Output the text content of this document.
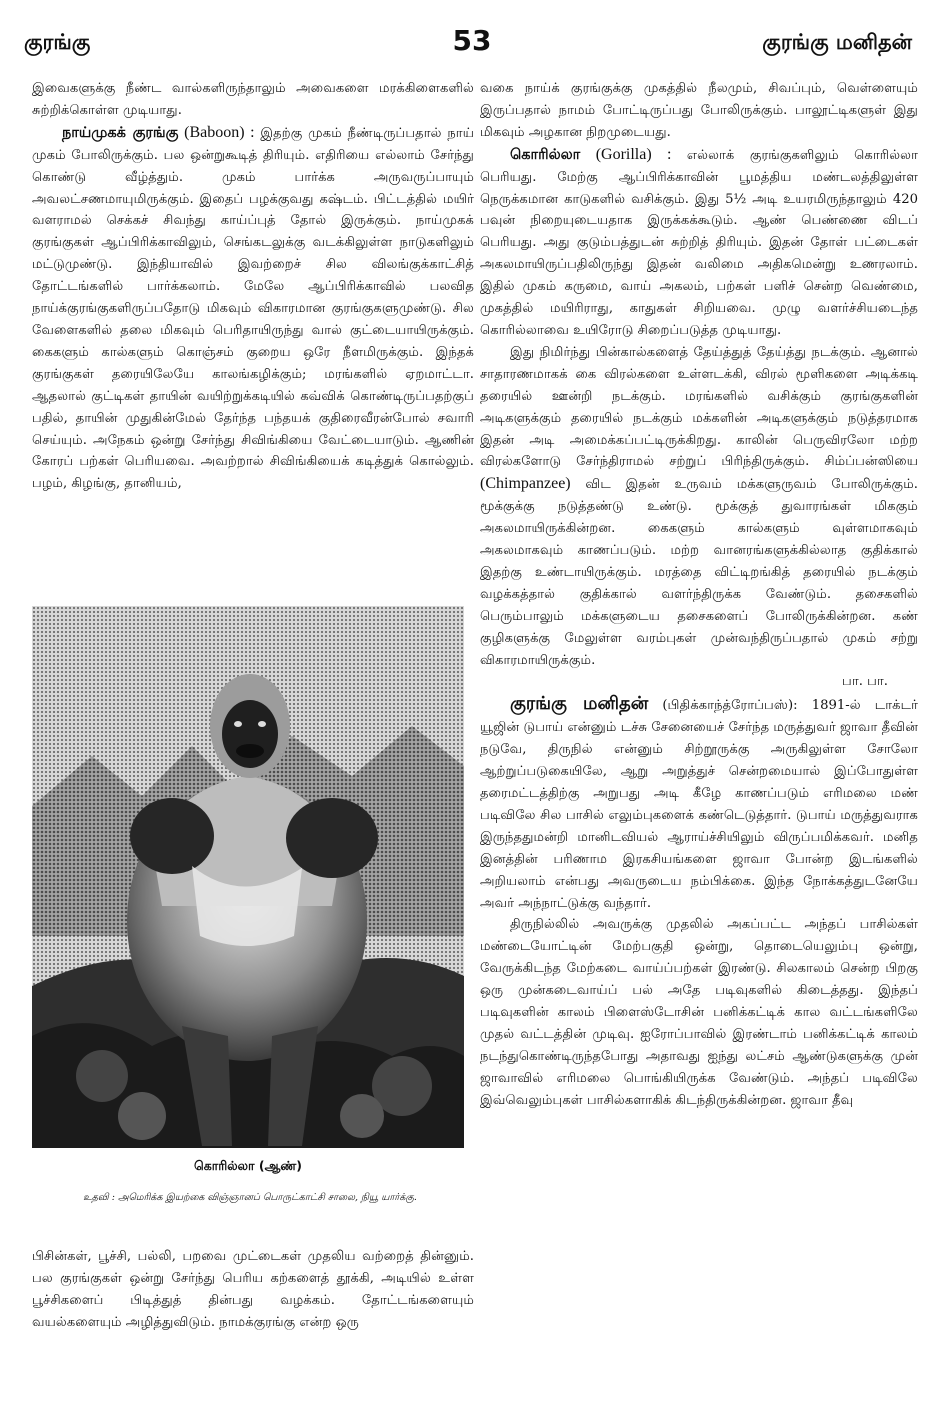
குரங்கு	53	குரங்கு மனிதன்

இவைகளுக்கு நீண்ட வால்களிருந்தாலும் அவைகளை மரக்கிளைகளில் சுற்றிக்கொள்ள முடியாது.

நாய்முகக் குரங்கு (Baboon) : இதற்கு முகம் நீண்டிருப்பதால் நாய் முகம் போலிருக்கும். பல ஒன்றுகூடித் திரியும். எதிரியை எல்லாம் சேர்ந்து கொண்டு வீழ்த்தும். முகம் பார்க்க அருவருப்பாயும் அவலட்சணமாயுமிருக்கும். இதைப் பழக்குவது கஷ்டம். பிட்டத்தில் மயிர் வளராமல் செக்கச் சிவந்து காய்ப்புத் தோல் இருக்கும். நாய்முகக் குரங்குகள் ஆப்பிரிக்காவிலும், செங்கடலுக்கு வடக்கிலுள்ள நாடுகளிலும் மட்டுமுண்டு. இந்தியாவில் இவற்றைச் சில விலங்குக்காட்சித் தோட்டங்களில் பார்க்கலாம். மேலே ஆப்பிரிக்காவில் பலவித நாய்க்குரங்குகளிருப்பதோடு மிகவும் விகாரமான குரங்குகளுமுண்டு. சில வேளைகளில் தலை மிகவும் பெரிதாயிருந்து வால் குட்டையாயிருக்கும். கைகளும் கால்களும் கொஞ்சம் குறைய ஒரே நீளமிருக்கும். இந்தக் குரங்குகள் தரையிலேயே காலங்கழிக்கும்; மரங்களில் ஏறமாட்டா. ஆதலால் குட்டிகள் தாயின் வயிற்றுக்கடியில் கவ்விக் கொண்டிருப்பதற்குப் பதில், தாயின் முதுகின்மேல் தேர்ந்த பந்தயக் குதிரைவீரன்போல் சவாரி செய்யும். அநேகம் ஒன்று சேர்ந்து சிவிங்கியை வேட்டையாடும். ஆணின் கோரப் பற்கள் பெரியவை. அவற்றால் சிவிங்கியைக் கடித்துக் கொல்லும். பழம், கிழங்கு, தானியம்,

கொரில்லா (ஆண்)
உதவி : அமெரிக்க இயற்கை விஞ்ஞானப் பொருட்காட்சி சாலை, நியூ யார்க்கு.

பிசின்கள், பூச்சி, பல்லி, பறவை முட்டைகள் முதலிய வற்றைத் தின்னும். பல குரங்குகள் ஒன்று சேர்ந்து பெரிய கற்களைத் தூக்கி, அடியில் உள்ள பூச்சிகளைப் பிடித்துத் தின்பது வழக்கம். தோட்டங்களையும் வயல்களையும் அழித்துவிடும். நாமக்குரங்கு என்ற ஒரு

வகை நாய்க் குரங்குக்கு முகத்தில் நீலமும், சிவப்பும், வெள்ளையும் இருப்பதால் நாமம் போட்டிருப்பது போலிருக்கும். பாலூட்டிகளுள் இது மிகவும் அழகான நிறமுடையது.

கொரில்லா (Gorilla) : எல்லாக் குரங்குகளிலும் கொரில்லா பெரியது. மேற்கு ஆப்பிரிக்காவின் பூமத்திய மண்டலத்திலுள்ள நெருக்கமான காடுகளில் வசிக்கும். இது 5½ அடி உயரமிருந்தாலும் 420 பவுன் நிறையுடையதாக இருக்கக்கூடும். ஆண் பெண்ணை விடப் பெரியது. அது குடும்பத்துடன் சுற்றித் திரியும். இதன் தோள் பட்டைகள் அகலமாயிருப்பதிலிருந்து இதன் வலிமை அதிகமென்று உணரலாம். இதில் முகம் கருமை, வாய் அகலம், பற்கள் பளிச் சென்ற வெண்மை, முகத்தில் மயிரிராது, காதுகள் சிறியவை. முழு வளர்ச்சியடைந்த கொரில்லாவை உயிரோடு சிறைப்படுத்த முடியாது.

இது நிமிர்ந்து பின்கால்களைத் தேய்த்துத் தேய்த்து நடக்கும். ஆனால் சாதாரணமாகக் கை விரல்களை உள்ளடக்கி, விரல் மூளிகளை அடிக்கடி தரையில் ஊன்றி நடக்கும். மரங்களில் வசிக்கும் குரங்குகளின் அடிகளுக்கும் தரையில் நடக்கும் மக்களின் அடிகளுக்கும் நடுத்தரமாக இதன் அடி அமைக்கப்பட்டிருக்கிறது. காலின் பெருவிரலோ மற்ற விரல்களோடு சேர்ந்திராமல் சற்றுப் பிரிந்திருக்கும். சிம்ப்பன்ஸியை (Chimpanzee) விட இதன் உருவம் மக்களுருவம் போலிருக்கும். மூக்குக்கு நடுத்தண்டு உண்டு. மூக்குத் துவாரங்கள் மிககும் அகலமாயிருக்கின்றன. கைகளும் கால்களும் வுள்ளமாகவும் அகலமாகவும் காணப்படும். மற்ற வானரங்களுக்கில்லாத குதிக்கால் இதற்கு உண்டாயிருக்கும். மரத்தை விட்டிறங்கித் தரையில் நடக்கும் வழக்கத்தால் குதிக்கால் வளர்ந்திருக்க வேண்டும். தசைகளில் பெரும்பாலும் மக்களுடைய தசைகளைப் போலிருக்கின்றன. கண் குழிகளுக்கு மேலுள்ள வரம்புகள் முன்வந்திருப்பதால் முகம் சற்று விகாரமாயிருக்கும்.

பா. பா.

குரங்கு மனிதன் (பிதிக்காந்த்ரோப்பஸ்): 1891-ல் டாக்டர் யூஜின் டுபாய் என்னும் டச்சு சேனையைச் சேர்ந்த மருத்துவர் ஜாவா தீவின் நடுவே, திருநில் என்னும் சிற்றூருக்கு அருகிலுள்ள சோலோ ஆற்றுப்படுகையிலே, ஆறு அறுத்துச் சென்றமையால் இப்போதுள்ள தரைமட்டத்திற்கு அறுபது அடி கீழே காணப்படும் எரிமலை மண் படிவிலே சில பாசில் எலும்புகளைக் கண்டெடுத்தார். டுபாய் மருத்துவராக இருந்ததுமன்றி மானிடவியல் ஆராய்ச்சியிலும் விருப்பமிக்கவர். மனித இனத்தின் பரிணாம இரகசியங்களை ஜாவா போன்ற இடங்களில் அறியலாம் என்பது அவருடைய நம்பிக்கை. இந்த நோக்கத்துடனேயே அவர் அந்நாட்டுக்கு வந்தார்.

திருநில்லில் அவருக்கு முதலில் அகப்பட்ட அந்தப் பாசில்கள் மண்டையோட்டின் மேற்பகுதி ஒன்று, தொடையெலும்பு ஒன்று, வேருக்கிடந்த மேற்கடை வாய்ப்பற்கள் இரண்டு. சிலகாலம் சென்ற பிறகு ஒரு முன்கடைவாய்ப் பல் அதே படிவுகளில் கிடைத்தது. இந்தப் படிவுகளின் காலம் பிளைஸ்டோசின் பனிக்கட்டிக் கால வட்டங்களிலே முதல் வட்டத்தின் முடிவு. ஐரோப்பாவில் இரண்டாம் பனிக்கட்டிக் காலம் நடந்துகொண்டிருந்தபோது அதாவது ஐந்து லட்சம் ஆண்டுகளுக்கு முன் ஜாவாவில் எரிமலை பொங்கியிருக்க வேண்டும். அந்தப் படிவிலே இவ்வெலும்புகள் பாசில்களாகிக் கிடந்திருக்கின்றன. ஜாவா தீவு
